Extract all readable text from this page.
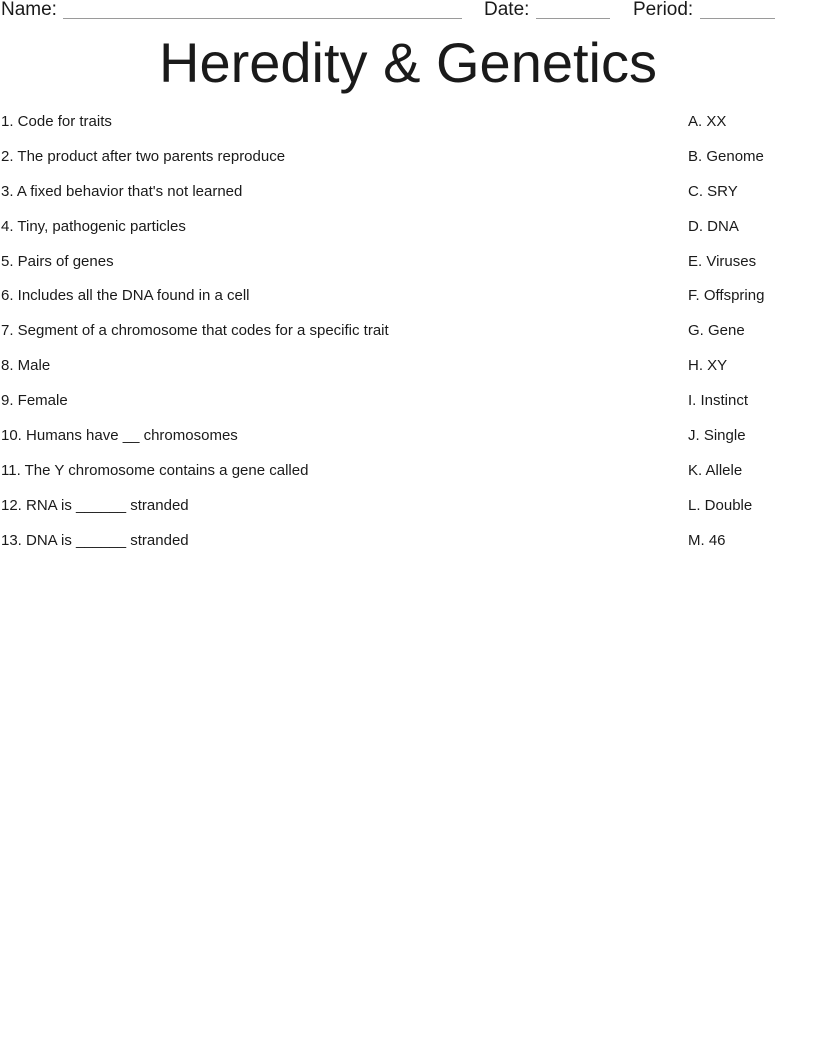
Name:	Date:	Period:
Heredity & Genetics
1. Code for traits
2. The product after two parents reproduce
3. A fixed behavior that's not learned
4. Tiny, pathogenic particles
5. Pairs of genes
6. Includes all the DNA found in a cell
7. Segment of a chromosome that codes for a specific trait
8. Male
9. Female
10. Humans have __ chromosomes
11. The Y chromosome contains a gene called
12. RNA is ______ stranded
13. DNA is ______ stranded
A. XX
B. Genome
C. SRY
D. DNA
E. Viruses
F. Offspring
G. Gene
H. XY
I. Instinct
J. Single
K. Allele
L. Double
M. 46
